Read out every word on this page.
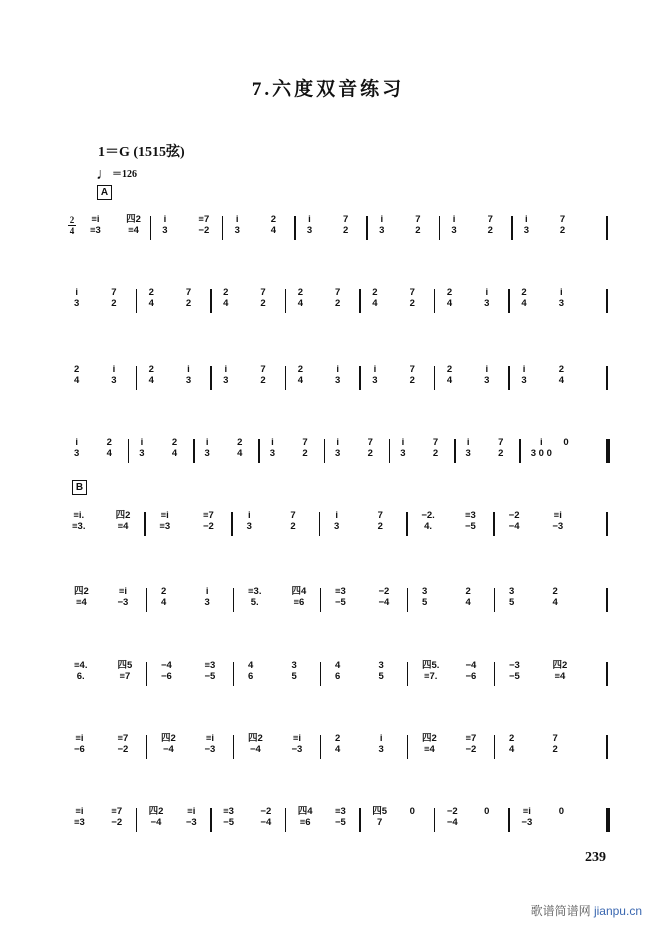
7.六度双音练习
1＝G (1515弦)
♩＝126
A
B
2
4
≡i
≡3
四2
≡4
i
3
≡7
−2
i
3
2
4
i
3
7
2
i
3
7
2
i
3
7
2
i
3
7
2
i
3
7
2
2
4
7
2
2
4
7
2
2
4
7
2
2
4
7
2
2
4
i
3
2
4
i
3
2
4
i
3
2
4
i
3
i
3
7
2
2
4
i
3
i
3
7
2
2
4
i
3
i
3
2
4
i
3
2
4
i
3
2
4
i
3
2
4
i
3
7
2
i
3
7
2
i
3
7
2
i
3
7
2
i
3 0 0
0
≡i.
≡3.
四2
≡4
≡i
≡3
≡7
−2
i
3
7
2
i
3
7
2
−2.
4.
≡3
−5
−2
−4
≡i
−3
四2
≡4
≡i
−3
2
4
i
3
≡3.
5.
四4
≡6
≡3
−5
−2
−4
3
5
2
4
3
5
2
4
≡4.
6.
四5
≡7
−4
−6
≡3
−5
4
6
3
5
4
6
3
5
四5.
≡7.
−4
−6
−3
−5
四2
≡4
≡i
−6
≡7
−2
四2
−4
≡i
−3
四2
−4
≡i
−3
2
4
i
3
四2
≡4
≡7
−2
2
4
7
2
≡i
≡3
≡7
−2
四2
−4
≡i
−3
≡3
−5
−2
−4
四4
≡6
≡3
−5
四5
7
0	−2
−4
0	≡i
−3
0
239
歌谱简谱网 jianpu.cn
